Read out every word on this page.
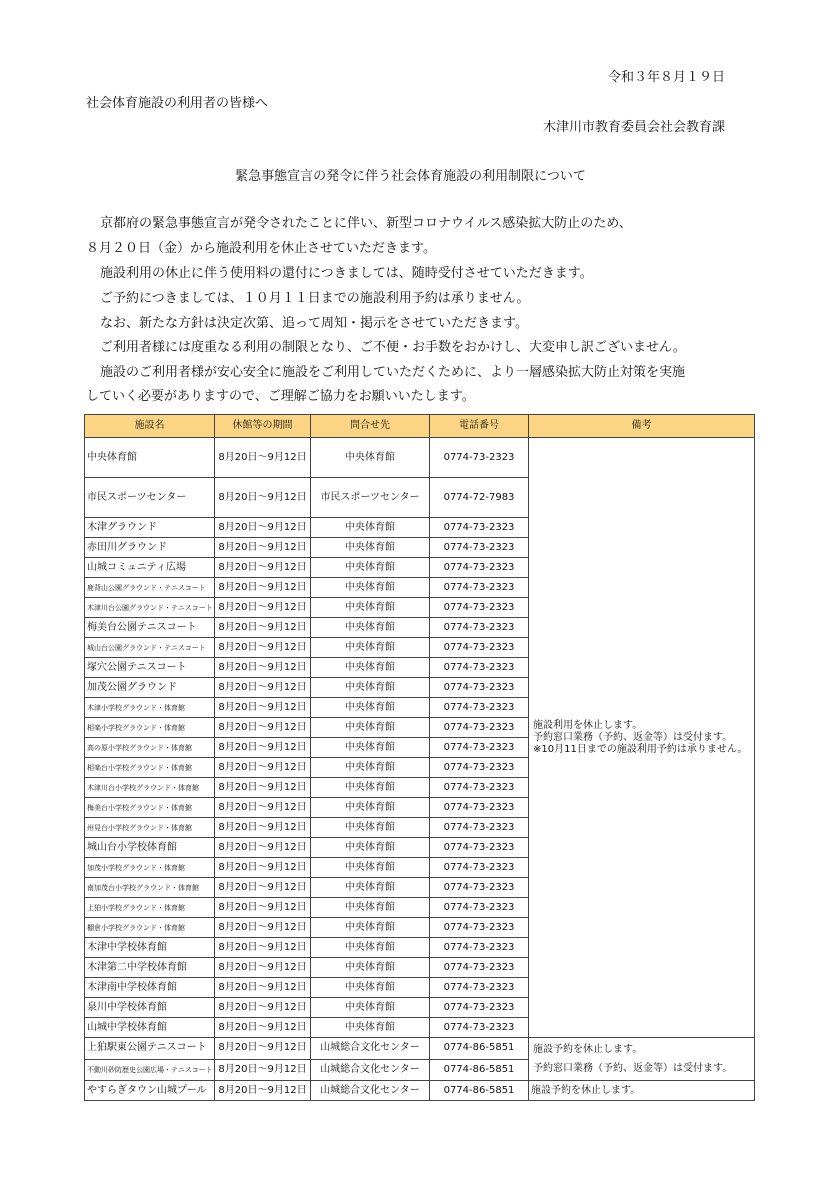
令和３年８月１９日
社会体育施設の利用者の皆様へ
木津川市教育委員会社会教育課
緊急事態宣言の発令に伴う社会体育施設の利用制限について
京都府の緊急事態宣言が発令されたことに伴い、新型コロナウイルス感染拡大防止のため、
８月２０日（金）から施設利用を休止させていただきます。
施設利用の休止に伴う使用料の還付につきましては、随時受付させていただきます。
ご予約につきましては、１０月１１日までの施設利用予約は承りません。
なお、新たな方針は決定次第、追って周知・掲示をさせていただきます。
ご利用者様には度重なる利用の制限となり、ご不便・お手数をおかけし、大変申し訳ございません。
施設のご利用者様が安心安全に施設をご利用していただくために、より一層感染拡大防止対策を実施
していく必要がありますので、ご理解ご協力をお願いいたします。
施設名	休館等の期間	問合せ先	電話番号	備考
中央体育館	8月20日～9月12日	中央体育館	0774-73-2323	施設利用を休止します。
予約窓口業務（予約、返金等）は受付ます。
※10月11日までの施設利用予約は承りません。

市民スポーツセンター	8月20日～9月12日	市民スポーツセンター	0774-72-7983	
木津グラウンド	8月20日～9月12日	中央体育館	0774-73-2323	
赤田川グラウンド	8月20日～9月12日	中央体育館	0774-73-2323	
山城コミュニティ広場	8月20日～9月12日	中央体育館	0774-73-2323	
鹿背山公園グラウンド・テニスコート	8月20日～9月12日	中央体育館	0774-73-2323	
木津川台公園グラウンド・テニスコート	8月20日～9月12日	中央体育館	0774-73-2323	
梅美台公園テニスコート	8月20日～9月12日	中央体育館	0774-73-2323	
城山台公園グラウンド・テニスコート	8月20日～9月12日	中央体育館	0774-73-2323	
塚穴公園テニスコート	8月20日～9月12日	中央体育館	0774-73-2323	
加茂公園グラウンド	8月20日～9月12日	中央体育館	0774-73-2323	
木津小学校グラウンド・体育館	8月20日～9月12日	中央体育館	0774-73-2323	
相楽小学校グラウンド・体育館	8月20日～9月12日	中央体育館	0774-73-2323	
高の原小学校グラウンド・体育館	8月20日～9月12日	中央体育館	0774-73-2323	
相楽台小学校グラウンド・体育館	8月20日～9月12日	中央体育館	0774-73-2323	
木津川台小学校グラウンド・体育館	8月20日～9月12日	中央体育館	0774-73-2323	
梅美台小学校グラウンド・体育館	8月20日～9月12日	中央体育館	0774-73-2323	
州見台小学校グラウンド・体育館	8月20日～9月12日	中央体育館	0774-73-2323	
城山台小学校体育館	8月20日～9月12日	中央体育館	0774-73-2323	
加茂小学校グラウンド・体育館	8月20日～9月12日	中央体育館	0774-73-2323	
南加茂台小学校グラウンド・体育館	8月20日～9月12日	中央体育館	0774-73-2323	
上狛小学校グラウンド・体育館	8月20日～9月12日	中央体育館	0774-73-2323	
棚倉小学校グラウンド・体育館	8月20日～9月12日	中央体育館	0774-73-2323	
木津中学校体育館	8月20日～9月12日	中央体育館	0774-73-2323	
木津第二中学校体育館	8月20日～9月12日	中央体育館	0774-73-2323	
木津南中学校体育館	8月20日～9月12日	中央体育館	0774-73-2323	
泉川中学校体育館	8月20日～9月12日	中央体育館	0774-73-2323	
山城中学校体育館	8月20日～9月12日	中央体育館	0774-73-2323	
上狛駅東公園テニスコート	8月20日～9月12日	山城総合文化センター	0774-86-5851	施設予約を休止します。
予約窓口業務（予約、返金等）は受付ます。

不動川砂防歴史公園広場・テニスコート	8月20日～9月12日	山城総合文化センター	0774-86-5851	
やすらぎタウン山城プール	8月20日～9月12日	山城総合文化センター	0774-86-5851	施設予約を休止します。
